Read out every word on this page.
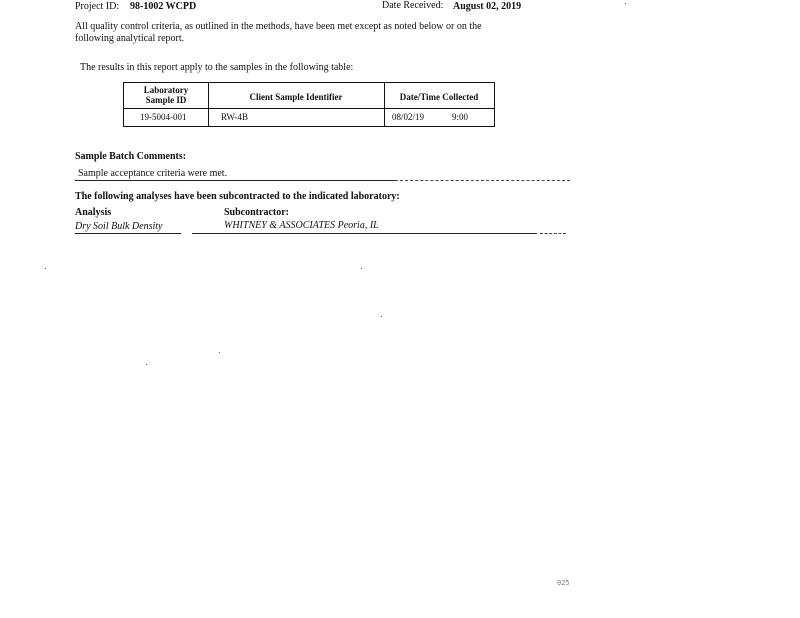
Project ID: 98-1002 WCPD	Date Received: August 02, 2019
All quality control criteria, as outlined in the methods, have been met except as noted below or on the
following analytical report.
The results in this report apply to the samples in the following table:
Laboratory
Sample ID	Client Sample Identifier	Date/Time Collected
19-5004-001	RW-4B	08/02/19	9:00
Sample Batch Comments:
Sample acceptance criteria were met.
The following analyses have been subcontracted to the indicated laboratory:
Analysis	Subcontractor:
Dry Soil Bulk Density	WHITNEY & ASSOCIATES Peoria, IL
025
